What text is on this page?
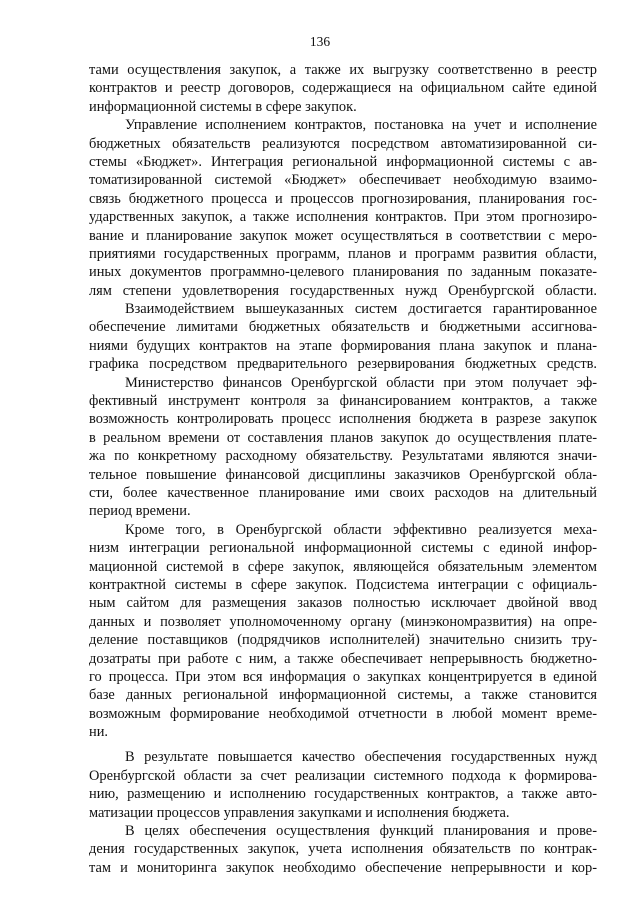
136
тами осуществления закупок, а также их выгрузку соответственно в реестр
контрактов и реестр договоров, содержащиеся на официальном сайте единой
информационной системы в сфере закупок.
Управление исполнением контрактов, постановка на учет и исполнение
бюджетных обязательств реализуются посредством автоматизированной си-
стемы «Бюджет». Интеграция региональной информационной системы с ав-
томатизированной системой «Бюджет» обеспечивает необходимую взаимо-
связь бюджетного процесса и процессов прогнозирования, планирования гос-
ударственных закупок, а также исполнения контрактов. При этом прогнозиро-
вание и планирование закупок может осуществляться в соответствии с меро-
приятиями государственных программ, планов и программ развития области,
иных документов программно-целевого планирования по заданным показате-
лям степени удовлетворения государственных нужд Оренбургской области.
Взаимодействием вышеуказанных систем достигается гарантированное
обеспечение лимитами бюджетных обязательств и бюджетными ассигнова-
ниями будущих контрактов на этапе формирования плана закупок и плана-
графика посредством предварительного резервирования бюджетных средств.
Министерство финансов Оренбургской области при этом получает эф-
фективный инструмент контроля за финансированием контрактов, а также
возможность контролировать процесс исполнения бюджета в разрезе закупок
в реальном времени от составления планов закупок до осуществления плате-
жа по конкретному расходному обязательству. Результатами являются значи-
тельное повышение финансовой дисциплины заказчиков Оренбургской обла-
сти, более качественное планирование ими своих расходов на длительный
период времени.
Кроме того, в Оренбургской области эффективно реализуется меха-
низм интеграции региональной информационной системы с единой инфор-
мационной системой в сфере закупок, являющейся обязательным элементом
контрактной системы в сфере закупок. Подсистема интеграции с официаль-
ным сайтом для размещения заказов полностью исключает двойной ввод
данных и позволяет уполномоченному органу (минэкономразвития) на опре-
деление поставщиков (подрядчиков исполнителей) значительно снизить тру-
дозатраты при работе с ним, а также обеспечивает непрерывность бюджетно-
го процесса. При этом вся информация о закупках концентрируется в единой
базе данных региональной информационной системы, а также становится
возможным формирование необходимой отчетности в любой момент време-
ни.
В результате повышается качество обеспечения государственных нужд
Оренбургской области за счет реализации системного подхода к формирова-
нию, размещению и исполнению государственных контрактов, а также авто-
матизации процессов управления закупками и исполнения бюджета.
В целях обеспечения осуществления функций планирования и прове-
дения государственных закупок, учета исполнения обязательств по контрак-
там и мониторинга закупок необходимо обеспечение непрерывности и кор-
